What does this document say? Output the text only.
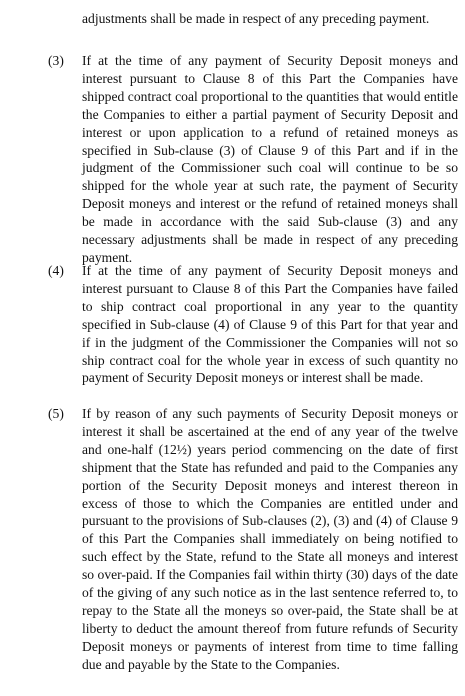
adjustments shall be made in respect of any preceding payment.

(3) If at the time of any payment of Security Deposit moneys and interest pursuant to Clause 8 of this Part the Companies have shipped contract coal proportional to the quantities that would entitle the Companies to either a partial payment of Security Deposit and interest or upon application to a refund of retained moneys as specified in Sub-clause (3) of Clause 9 of this Part and if in the judgment of the Commissioner such coal will continue to be so shipped for the whole year at such rate, the payment of Security Deposit moneys and interest or the refund of retained moneys shall be made in accordance with the said Sub-clause (3) and any necessary adjustments shall be made in respect of any preceding payment.

(4) If at the time of any payment of Security Deposit moneys and interest pursuant to Clause 8 of this Part the Companies have failed to ship contract coal proportional in any year to the quantity specified in Sub-clause (4) of Clause 9 of this Part for that year and if in the judgment of the Commissioner the Companies will not so ship contract coal for the whole year in excess of such quantity no payment of Security Deposit moneys or interest shall be made.

(5) If by reason of any such payments of Security Deposit moneys or interest it shall be ascertained at the end of any year of the twelve and one-half (12½) years period commencing on the date of first shipment that the State has refunded and paid to the Companies any portion of the Security Deposit moneys and interest thereon in excess of those to which the Companies are entitled under and pursuant to the provisions of Sub-clauses (2), (3) and (4) of Clause 9 of this Part the Companies shall immediately on being notified to such effect by the State, refund to the State all moneys and interest so over-paid. If the Companies fail within thirty (30) days of the date of the giving of any such notice as in the last sentence referred to, to repay to the State all the moneys so over-paid, the State shall be at liberty to deduct the amount thereof from future refunds of Security Deposit moneys or payments of interest from time to time falling due and payable by the State to the Companies.
